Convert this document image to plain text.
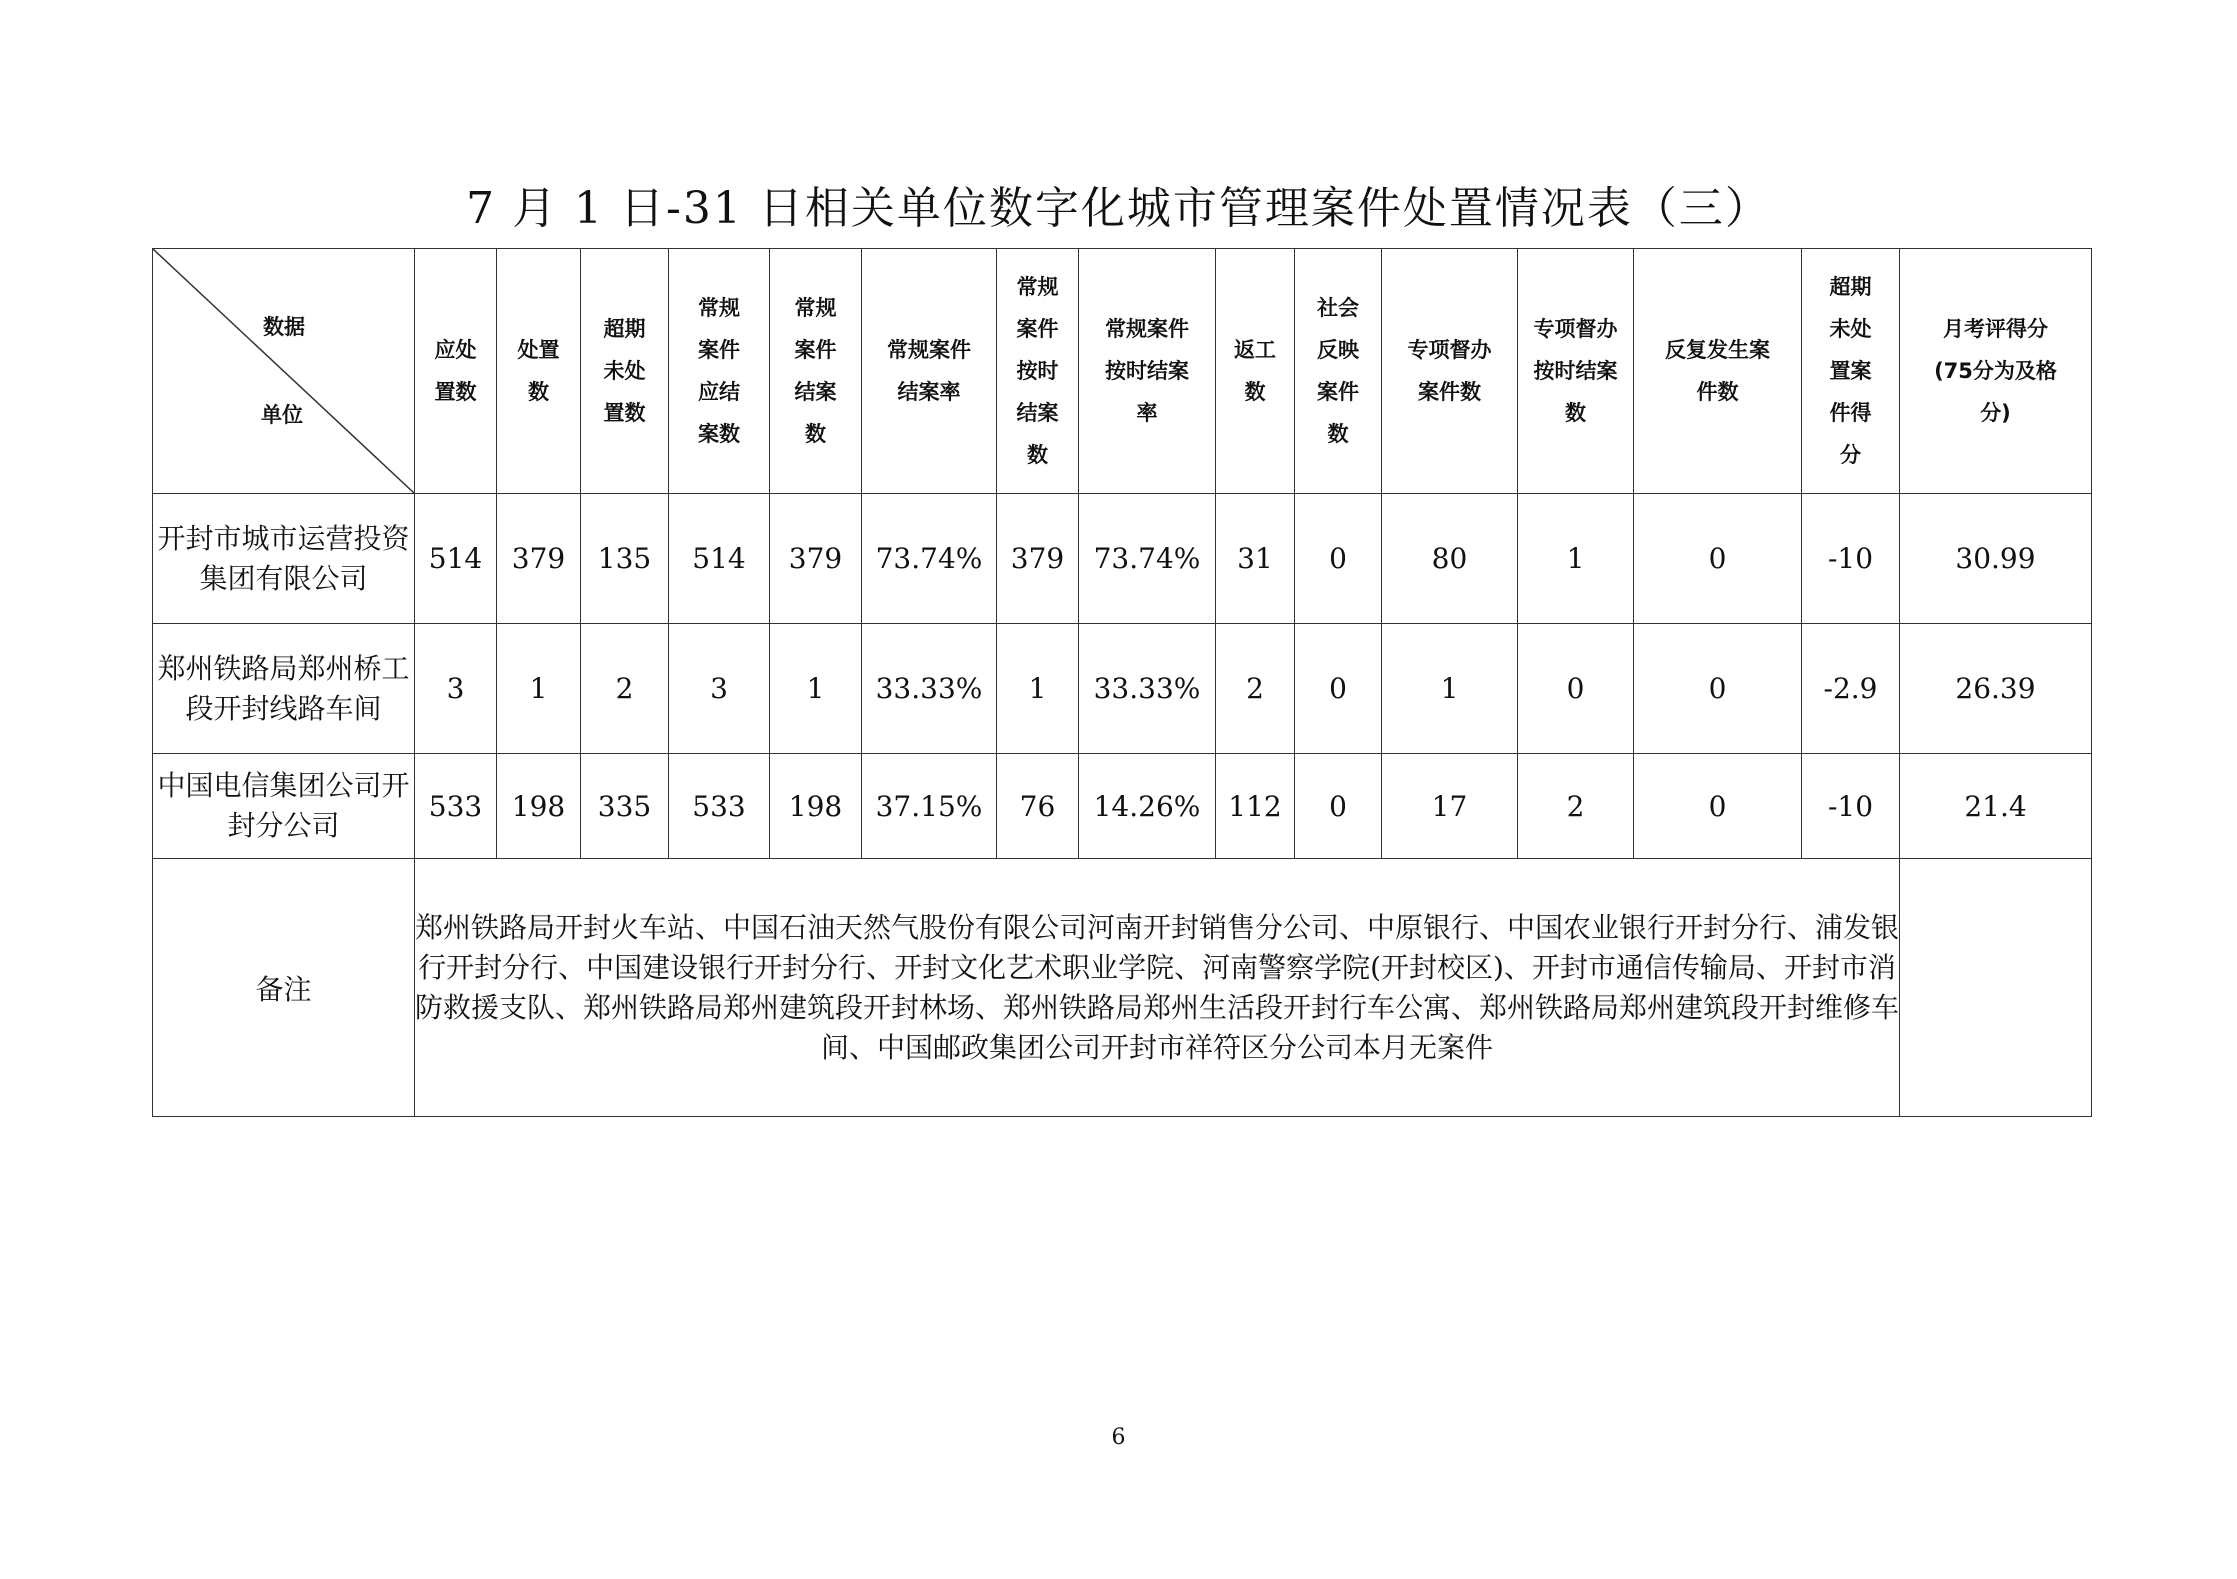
7 月 1 日-31 日相关单位数字化城市管理案件处置情况表（三）
数据
单位	应处置数	处置数	超期未处置数	常规案件应结案数	常规案件结案数	常规案件结案率	常规案件按时结案数	常规案件按时结案率	返工数	社会反映案件数	专项督办案件数	专项督办按时结案数	反复发生案件数	超期未处置案件得分	月考评得分(75分为及格分)
开封市城市运营投资集团有限公司	514	379	135	514	379	73.74%	379	73.74%	31	0	80	1	0	-10	30.99
郑州铁路局郑州桥工段开封线路车间	3	1	2	3	1	33.33%	1	33.33%	2	0	1	0	0	-2.9	26.39
中国电信集团公司开封分公司	533	198	335	533	198	37.15%	76	14.26%	112	0	17	2	0	-10	21.4
备注	郑州铁路局开封火车站、中国石油天然气股份有限公司河南开封销售分公司、中原银行、中国农业银行开封分行、浦发银行开封分行、中国建设银行开封分行、开封文化艺术职业学院、河南警察学院(开封校区)、开封市通信传输局、开封市消防救援支队、郑州铁路局郑州建筑段开封林场、郑州铁路局郑州生活段开封行车公寓、郑州铁路局郑州建筑段开封维修车间、中国邮政集团公司开封市祥符区分公司本月无案件														
6
